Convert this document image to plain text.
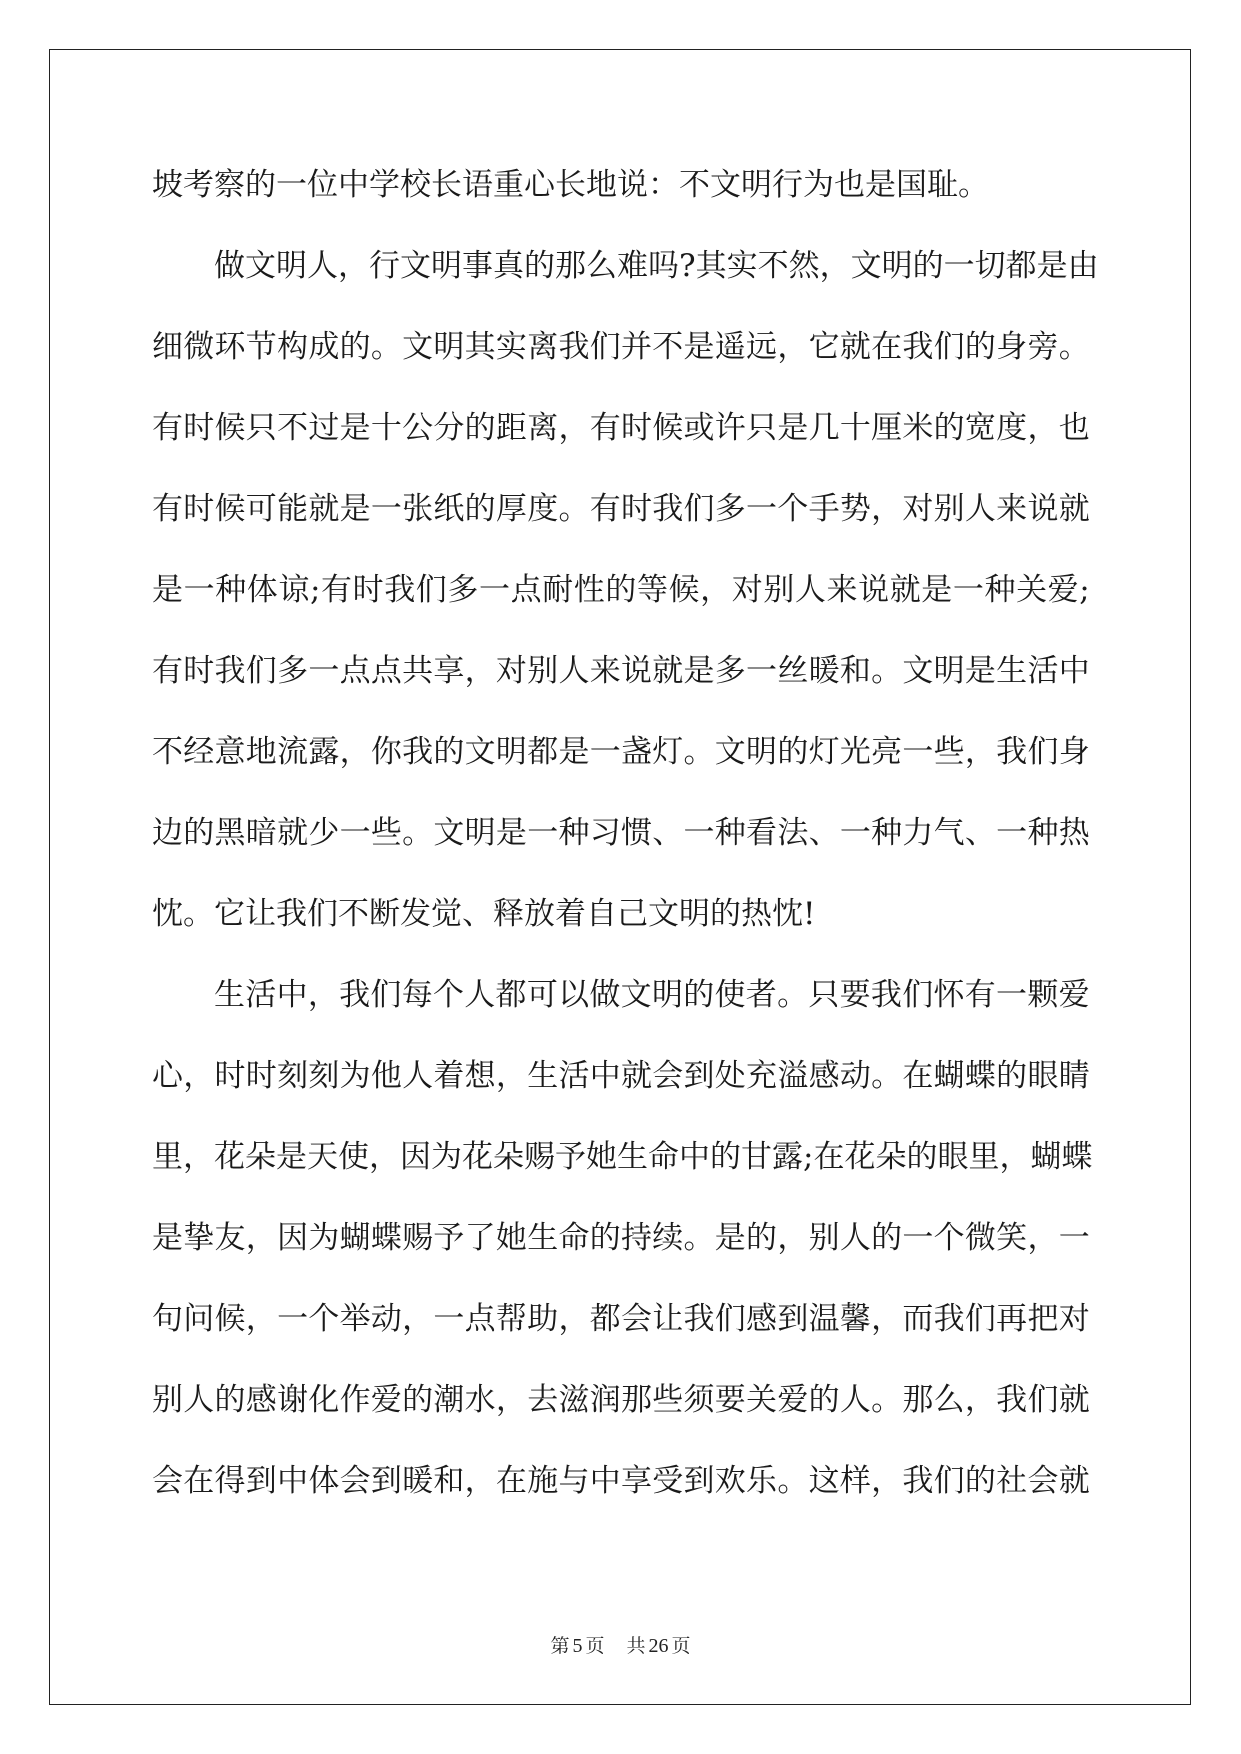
坡 考 察 的 一 位 中 学 校 长 语 重 心 长 地 说 ： 不 文 明 行 为 也 是 国 耻 。
做 文 明 人 ， 行 文 明 事 真 的 那 么 难 吗 ? 其 实 不 然 ， 文 明 的 一 切 都 是 由
细 微 环 节 构 成 的 。 文 明 其 实 离 我 们 并 不 是 遥 远 ， 它 就 在 我 们 的 身 旁 。
有 时 候 只 不 过 是 十 公 分 的 距 离 ， 有 时 候 或 许 只 是 几 十 厘 米 的 宽 度 ， 也
有 时 候 可 能 就 是 一 张 纸 的 厚 度 。 有 时 我 们 多 一 个 手 势 ， 对 别 人 来 说 就
是 一 种 体 谅 ; 有 时 我 们 多 一 点 耐 性 的 等 候 ， 对 别 人 来 说 就 是 一 种 关 爱 ;
有 时 我 们 多 一 点 点 共 享 ， 对 别 人 来 说 就 是 多 一 丝 暖 和 。 文 明 是 生 活 中
不 经 意 地 流 露 ， 你 我 的 文 明 都 是 一 盏 灯 。 文 明 的 灯 光 亮 一 些 ， 我 们 身
边 的 黑 暗 就 少 一 些 。 文 明 是 一 种 习 惯 、 一 种 看 法 、 一 种 力 气 、 一 种 热
忱 。 它 让 我 们 不 断 发 觉 、 释 放 着 自 己 文 明 的 热 忱 !
生 活 中 ， 我 们 每 个 人 都 可 以 做 文 明 的 使 者 。 只 要 我 们 怀 有 一 颗 爱
心 ， 时 时 刻 刻 为 他 人 着 想 ， 生 活 中 就 会 到 处 充 溢 感 动 。 在 蝴 蝶 的 眼 睛
里 ， 花 朵 是 天 使 ， 因 为 花 朵 赐 予 她 生 命 中 的 甘 露 ; 在 花 朵 的 眼 里 ， 蝴 蝶
是 挚 友 ， 因 为 蝴 蝶 赐 予 了 她 生 命 的 持 续 。 是 的 ， 别 人 的 一 个 微 笑 ， 一
句 问 候 ， 一 个 举 动 ， 一 点 帮 助 ， 都 会 让 我 们 感 到 温 馨 ， 而 我 们 再 把 对
别 人 的 感 谢 化 作 爱 的 潮 水 ， 去 滋 润 那 些 须 要 关 爱 的 人 。 那 么 ， 我 们 就
会 在 得 到 中 体 会 到 暖 和 ， 在 施 与 中 享 受 到 欢 乐 。 这 样 ， 我 们 的 社 会 就
第 5 页 共 26 页
